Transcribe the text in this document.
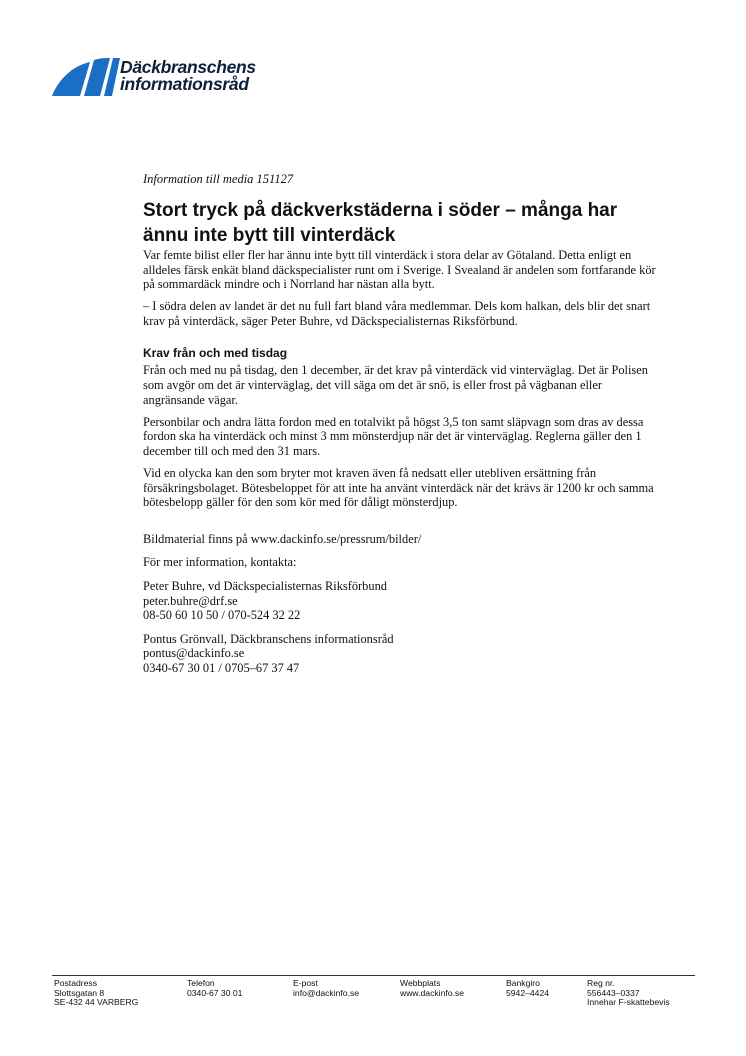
Däckbranschens
informationsråd

Information till media 151127

Stort tryck på däckverkstäderna i söder – många har
ännu inte bytt till vinterdäck

Var femte bilist eller fler har ännu inte bytt till vinterdäck i stora delar av Götaland. Detta enligt en alldeles färsk enkät bland däckspecialister runt om i Sverige. I Svealand är andelen som fortfarande kör på sommardäck mindre och i Norrland har nästan alla bytt.

– I södra delen av landet är det nu full fart bland våra medlemmar. Dels kom halkan, dels blir det snart krav på vinterdäck, säger Peter Buhre, vd Däckspecialisternas Riksförbund.

Krav från och med tisdag

Från och med nu på tisdag, den 1 december, är det krav på vinterdäck vid vinterväglag. Det är Polisen som avgör om det är vinterväglag, det vill säga om det är snö, is eller frost på vägbanan eller angränsande vägar.

Personbilar och andra lätta fordon med en totalvikt på högst 3,5 ton samt släpvagn som dras av dessa fordon ska ha vinterdäck och minst 3 mm mönsterdjup när det är vinterväglag. Reglerna gäller den 1 december till och med den 31 mars.

Vid en olycka kan den som bryter mot kraven även få nedsatt eller utebliven ersättning från försäkringsbolaget. Bötesbeloppet för att inte ha använt vinterdäck när det krävs är 1200 kr och samma bötesbelopp gäller för den som kör med för dåligt mönsterdjup.

Bildmaterial finns på www.dackinfo.se/pressrum/bilder/

För mer information, kontakta:

Peter Buhre, vd Däckspecialisternas Riksförbund
peter.buhre@drf.se
08-50 60 10 50 / 070-524 32 22

Pontus Grönvall, Däckbranschens informationsråd
pontus@dackinfo.se
0340-67 30 01 / 0705–67 37 47

Postadress
Slottsgatan 8
SE-432 44 VARBERG
Telefon
0340-67 30 01
E-post
info@dackinfo.se
Webbplats
www.dackinfo.se
Bankgiro
5942–4424
Reg nr.
556443–0337
Innehar F-skattebevis
